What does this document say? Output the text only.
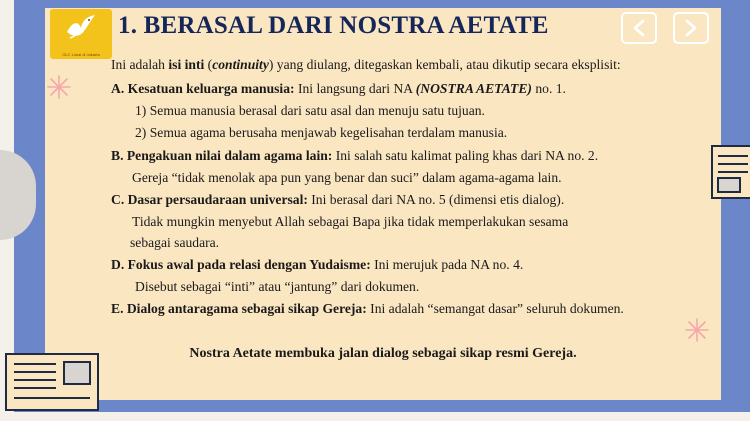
OLC Lokal di Jakarta
1. BERASAL DARI NOSTRA AETATE
Ini adalah isi inti (continuity) yang diulang, ditegaskan kembali, atau dikutip secara eksplisit:
A. Kesatuan keluarga manusia: Ini langsung dari NA (NOSTRA AETATE) no. 1.
1) Semua manusia berasal dari satu asal dan menuju satu tujuan.
2) Semua agama berusaha menjawab kegelisahan terdalam manusia.
B. Pengakuan nilai dalam agama lain: Ini salah satu kalimat paling khas dari NA no. 2.
Gereja “tidak menolak apa pun yang benar dan suci” dalam agama-agama lain.
C. Dasar persaudaraan universal: Ini berasal dari NA no. 5 (dimensi etis dialog).
Tidak mungkin menyebut Allah sebagai Bapa jika tidak memperlakukan sesama
sebagai saudara.
D. Fokus awal pada relasi dengan Yudaisme: Ini merujuk pada NA no. 4.
Disebut sebagai “inti” atau “jantung” dari dokumen.
E. Dialog antaragama sebagai sikap Gereja: Ini adalah “semangat dasar” seluruh dokumen.
Nostra Aetate membuka jalan dialog sebagai sikap resmi Gereja.
